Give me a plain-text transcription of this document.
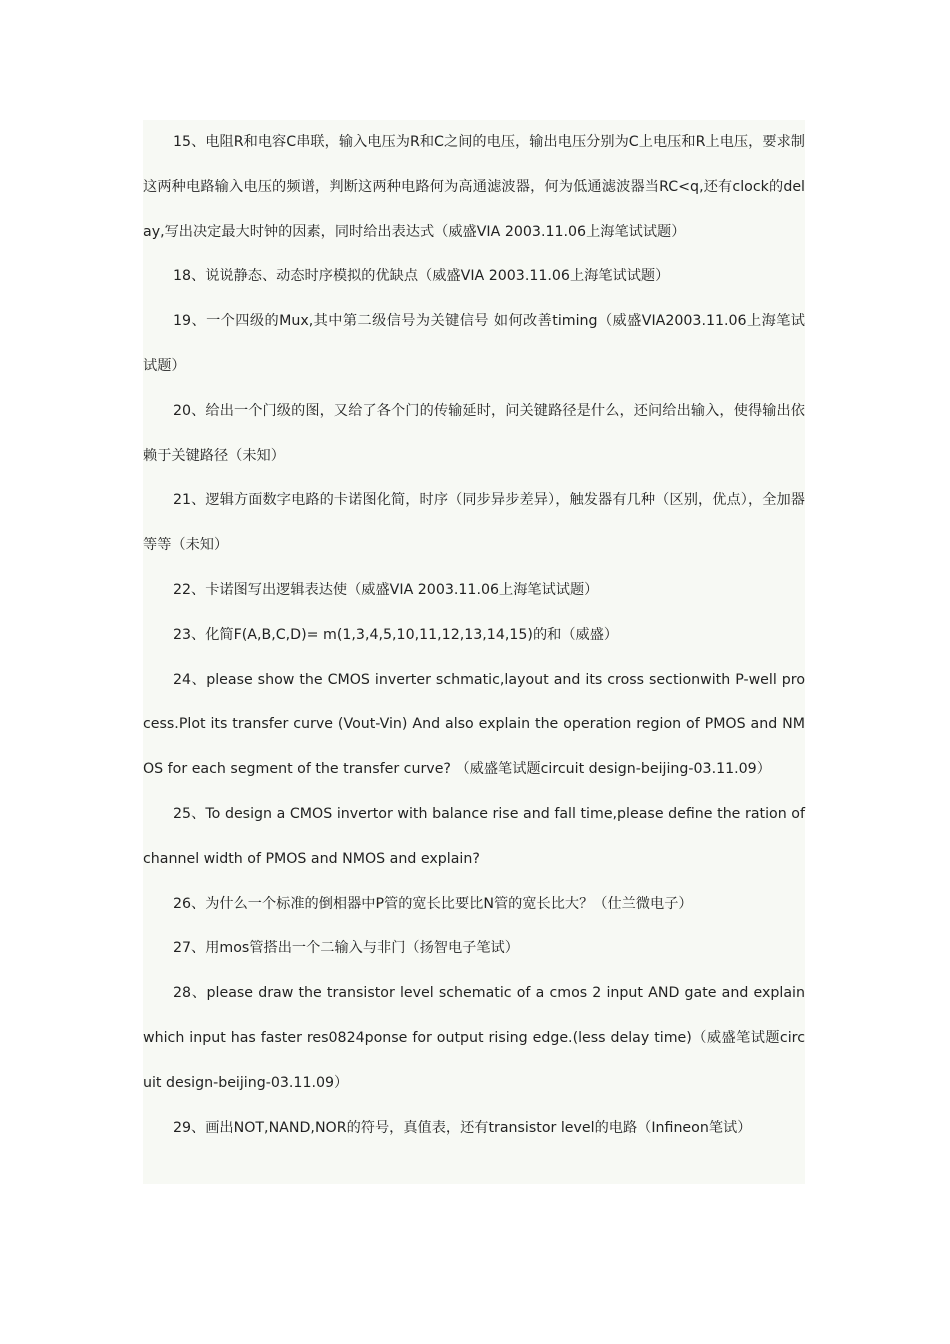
15、电阻R和电容C串联，输入电压为R和C之间的电压，输出电压分别为C上电压和R上电压，要求制这两种电路输入电压的频谱，判断这两种电路何为高通滤波器，何为低通滤波器当RC<q,还有clock的delay,写出决定最大时钟的因素，同时给出表达式（威盛VIA 2003.11.06上海笔试试题）

18、说说静态、动态时序模拟的优缺点（威盛VIA 2003.11.06上海笔试试题）

19、一个四级的Mux,其中第二级信号为关键信号 如何改善timing（威盛VIA2003.11.06上海笔试试题）

20、给出一个门级的图，又给了各个门的传输延时，问关键路径是什么，还问给出输入，使得输出依赖于关键路径（未知）

21、逻辑方面数字电路的卡诺图化简，时序（同步异步差异），触发器有几种（区别，优点），全加器等等（未知）

22、卡诺图写出逻辑表达使（威盛VIA 2003.11.06上海笔试试题）

23、化简F(A,B,C,D)= m(1,3,4,5,10,11,12,13,14,15)的和（威盛）

24、please show the CMOS inverter schmatic,layout and its cross sectionwith P-well process.Plot its transfer curve (Vout-Vin) And also explain the operation region of PMOS and NMOS for each segment of the transfer curve? （威盛笔试题circuit design-beijing-03.11.09）

25、To design a CMOS invertor with balance rise and fall time,please define the ration of channel width of PMOS and NMOS and explain?

26、为什么一个标准的倒相器中P管的宽长比要比N管的宽长比大？（仕兰微电子）

27、用mos管搭出一个二输入与非门（扬智电子笔试）

28、please draw the transistor level schematic of a cmos 2 input AND gate and explain which input has faster res0824ponse for output rising edge.(less delay time)（威盛笔试题circuit design-beijing-03.11.09）

29、画出NOT,NAND,NOR的符号，真值表，还有transistor level的电路（Infineon笔试）
